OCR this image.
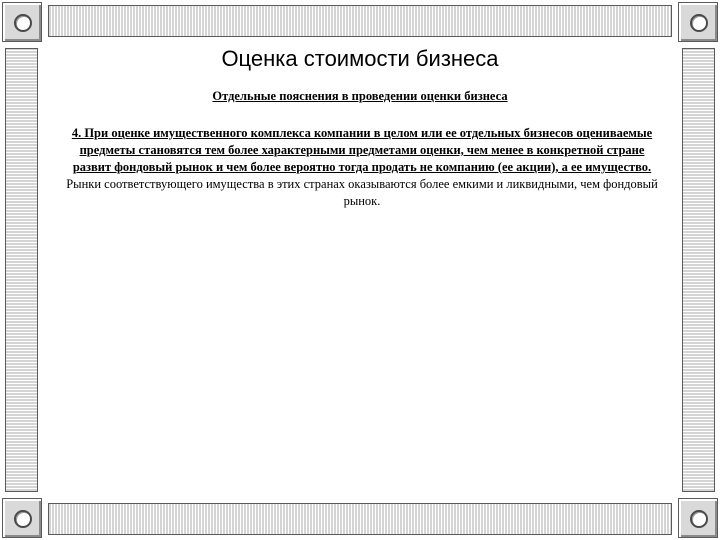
Оценка стоимости бизнеса
Отдельные пояснения в проведении оценки бизнеса

4. При оценке имущественного комплекса компании в целом или ее отдельных бизнесов оцениваемые предметы становятся тем более характерными предметами оценки, чем менее в конкретной стране развит фондовый рынок и чем более вероятно тогда продать не компанию (ее акции), а ее имущество.

Рынки соответствующего имущества в этих странах оказываются более емкими и ликвидными, чем фондовый рынок.
